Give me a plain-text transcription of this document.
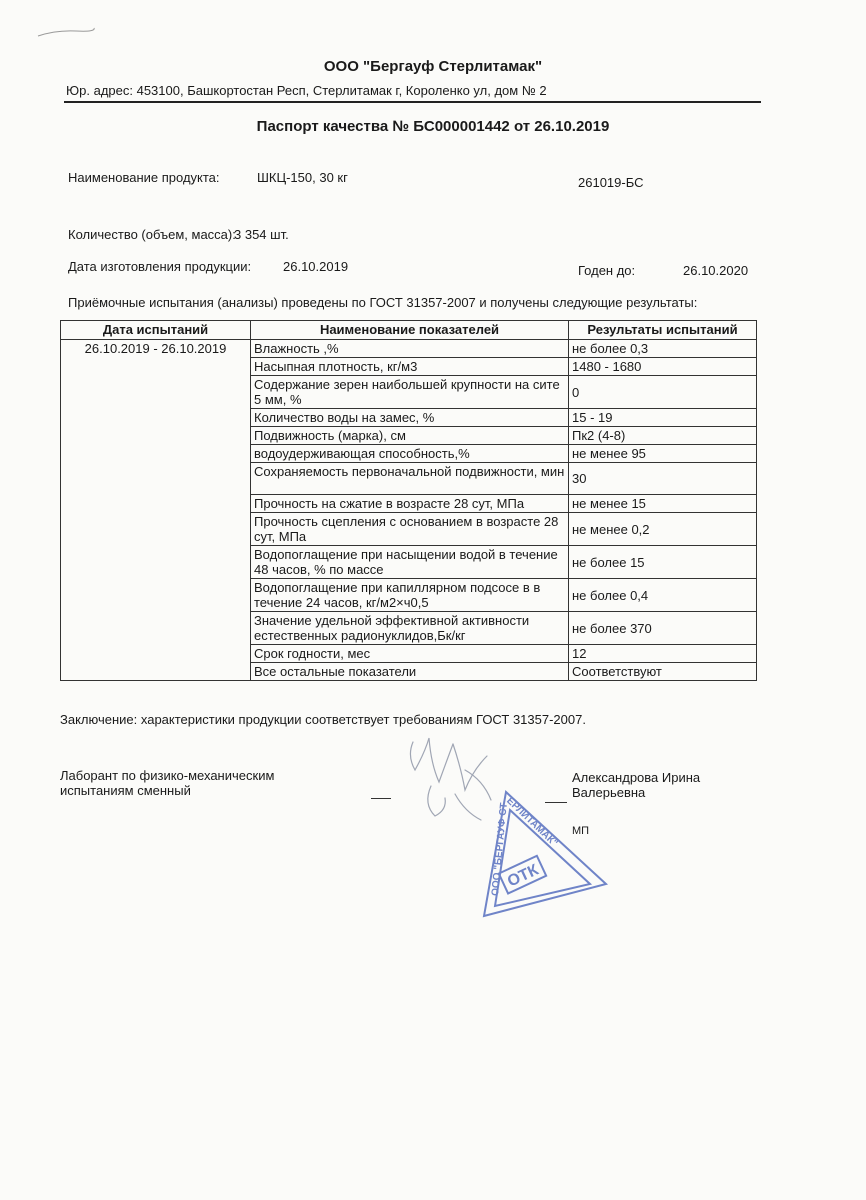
ООО "Бергауф Стерлитамак"
Юр. адрес: 453100, Башкортостан Респ, Стерлитамак г, Короленко ул, дом № 2
Паспорт качества № БС000001442 от 26.10.2019
Наименование продукта:	ШКЦ-150, 30 кг	261019-БС
Количество (объем, масса):
3 354 шт.
Дата изготовления продукции: 26.10.2019	Годен до:	26.10.2020
Приёмочные испытания (анализы) проведены по ГОСТ 31357-2007 и получены следующие результаты:
Дата испытаний	Наименование показателей	Результаты испытаний
26.10.2019 - 26.10.2019	Влажность ,%	не более 0,3
	Насыпная плотность, кг/м3	1480 - 1680
	Содержание зерен наибольшей крупности на сите 5 мм, %	0
	Количество воды на замес, %	15 - 19
	Подвижность (марка), см	Пк2 (4-8)
	водоудерживающая способность,%	не менее 95
	Сохраняемость первоначальной подвижности, мин	30
	Прочность на сжатие в возрасте 28 сут, МПа	не менее 15
	Прочность сцепления с основанием в возрасте 28 сут, МПа	не менее 0,2
	Водопоглащение при насыщении водой в течение 48 часов, % по массе	не более 15
	Водопоглащение при капиллярном подсосе в в течение 24 часов, кг/м2×ч0,5	не более 0,4
	Значение удельной эффективной активности естественных радионуклидов,Бк/кг	не более 370
	Срок годности, мес	12
	Все остальные показатели	Соответствуют
Заключение: характеристики продукции соответствует требованиям ГОСТ 31357-2007.
Лаборант по физико-механическим
испытаниям сменный
Александрова Ирина
Валерьевна
МП
ООО "БЕРГАУФ СТЕРЛИТАМАК"
ОТК
